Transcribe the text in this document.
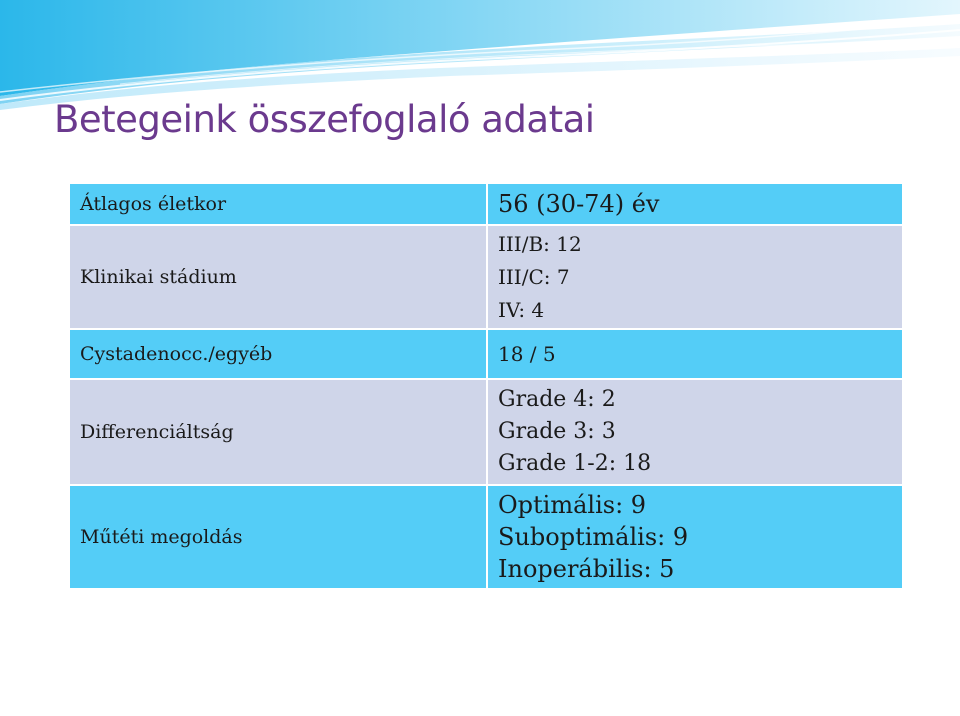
Betegeink összefoglaló adatai
Átlagos életkor	56 (30-74) év

Klinikai stádium	III/B: 12
III/C: 7
IV: 4

Cystadenocc./egyéb	18 / 5

Differenciáltság	Grade 4: 2
Grade 3: 3
Grade 1-2: 18

Műtéti megoldás	Optimális: 9
Suboptimális: 9
Inoperábilis: 5
